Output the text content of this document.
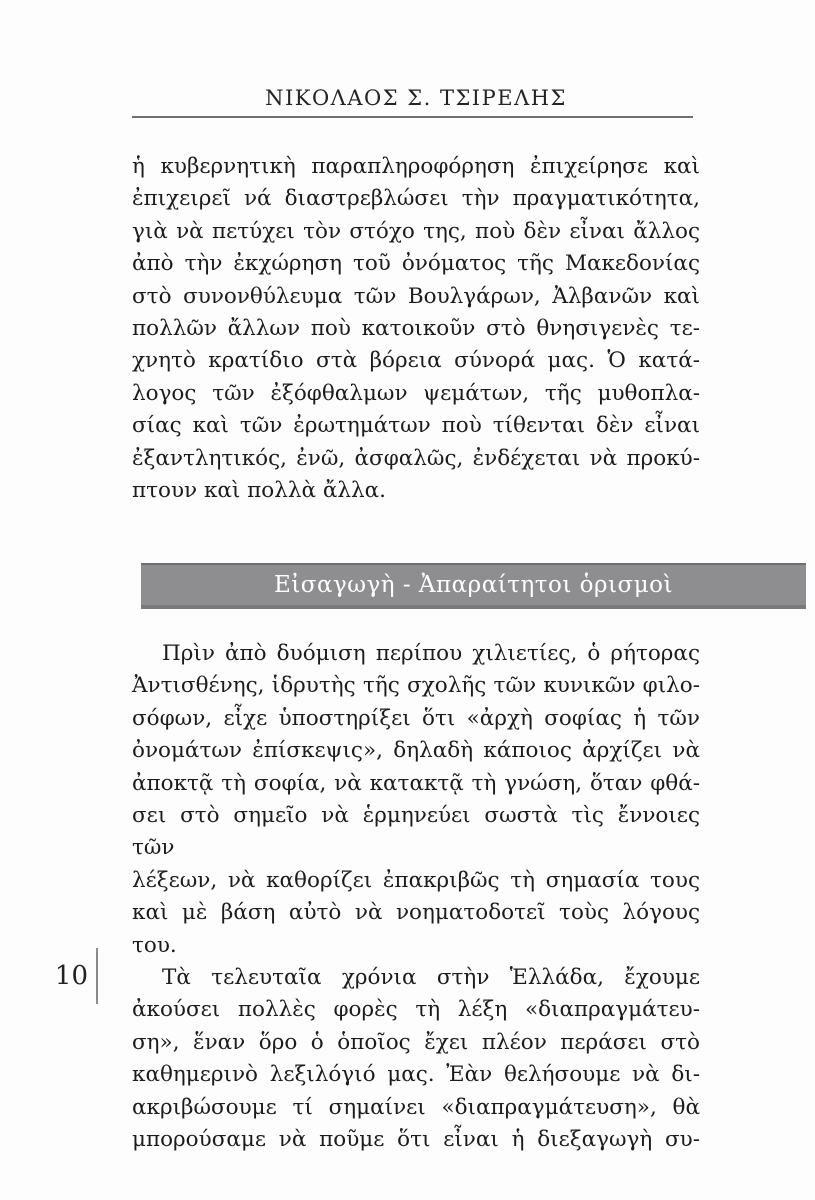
ΝΙΚΟΛΑΟΣ Σ. ΤΣΙΡΕΛΗΣ
ἡ κυβερνητικὴ παραπληροφόρηση ἐπιχείρησε καὶ
ἐπιχειρεῖ νά διαστρεβλώσει τὴν πραγματικότητα,
γιὰ νὰ πετύχει τὸν στόχο της, ποὺ δὲν εἶναι ἄλλος
ἀπὸ τὴν ἐκχώρηση τοῦ ὀνόματος τῆς Μακεδονίας
στὸ συνονθύλευμα τῶν Βουλγάρων, Ἀλβανῶν καὶ
πολλῶν ἄλλων ποὺ κατοικοῦν στὸ θνησιγενὲς τε-
χνητὸ κρατίδιο στὰ βόρεια σύνορά μας. Ὁ κατά-
λογος τῶν ἐξόφθαλμων ψεμάτων, τῆς μυθοπλα-
σίας καὶ τῶν ἐρωτημάτων ποὺ τίθενται δὲν εἶναι
ἐξαντλητικός, ἐνῶ, ἀσφαλῶς, ἐνδέχεται νὰ προκύ-
πτουν καὶ πολλὰ ἄλλα.
Εἰσαγωγὴ - Ἀπαραίτητοι ὁρισμοὶ
Πρὶν ἀπὸ δυόμιση περίπου χιλιετίες, ὁ ρήτορας
Ἀντισθένης, ἱδρυτὴς τῆς σχολῆς τῶν κυνικῶν φιλο-
σόφων, εἶχε ὑποστηρίξει ὅτι «ἀρχὴ σοφίας ἡ τῶν
ὀνομάτων ἐπίσκεψις», δηλαδὴ κάποιος ἀρχίζει νὰ
ἀποκτᾷ τὴ σοφία, νὰ κατακτᾷ τὴ γνώση, ὅταν φθά-
σει στὸ σημεῖο νὰ ἑρμηνεύει σωστὰ τὶς ἔννοιες τῶν
λέξεων, νὰ καθορίζει ἐπακριβῶς τὴ σημασία τους
καὶ μὲ βάση αὐτὸ νὰ νοηματοδοτεῖ τοὺς λόγους του.
Τὰ τελευταῖα χρόνια στὴν Ἑλλάδα, ἔχουμε
ἀκούσει πολλὲς φορὲς τὴ λέξη «διαπραγμάτευ-
ση», ἕναν ὅρο ὁ ὁποῖος ἔχει πλέον περάσει στὸ
καθημερινὸ λεξιλόγιό μας. Ἐὰν θελήσουμε νὰ δι-
ακριβώσουμε τί σημαίνει «διαπραγμάτευση», θὰ
μπορούσαμε νὰ ποῦμε ὅτι εἶναι ἡ διεξαγωγὴ συ-
10
